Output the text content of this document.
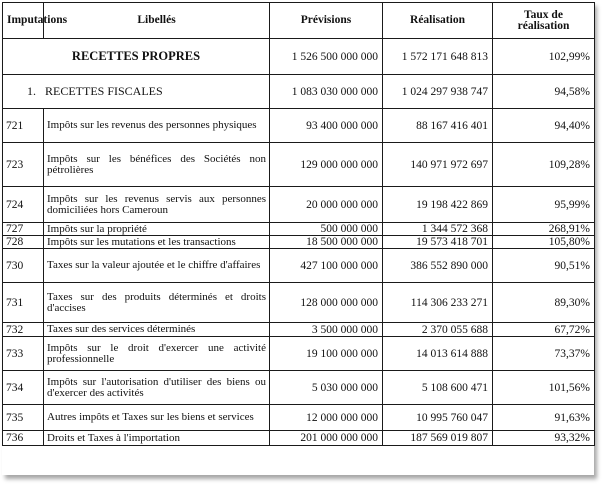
Imputations	Libellés	Prévisions	Réalisation	Taux de réalisation
RECETTES PROPRES		1 526 500 000 000	1 572 171 648 813	102,99%
1. RECETTES FISCALES		1 083 030 000 000	1 024 297 938 747	94,58%
721	Impôts sur les revenus des personnes physiques	93 400 000 000	88 167 416 401	94,40%
723	Impôts sur les bénéfices des Sociétés non pétrolières	129 000 000 000	140 971 972 697	109,28%
724	Impôts sur les revenus servis aux personnes domiciliées hors Cameroun	20 000 000 000	19 198 422 869	95,99%
727	Impôts sur la propriété	500 000 000	1 344 572 368	268,91%
728	Impôts sur les mutations et les transactions	18 500 000 000	19 573 418 701	105,80%
730	Taxes sur la valeur ajoutée et le chiffre d'affaires	427 100 000 000	386 552 890 000	90,51%
731	Taxes sur des produits déterminés et droits d'accises	128 000 000 000	114 306 233 271	89,30%
732	Taxes sur des services déterminés	3 500 000 000	2 370 055 688	67,72%
733	Impôts sur le droit d'exercer une activité professionnelle	19 100 000 000	14 013 614 888	73,37%
734	Impôts sur l'autorisation d'utiliser des biens ou d'exercer des activités	5 030 000 000	5 108 600 471	101,56%
735	Autres impôts et Taxes sur les biens et services	12 000 000 000	10 995 760 047	91,63%
736	Droits et Taxes à l'importation	201 000 000 000	187 569 019 807	93,32%
